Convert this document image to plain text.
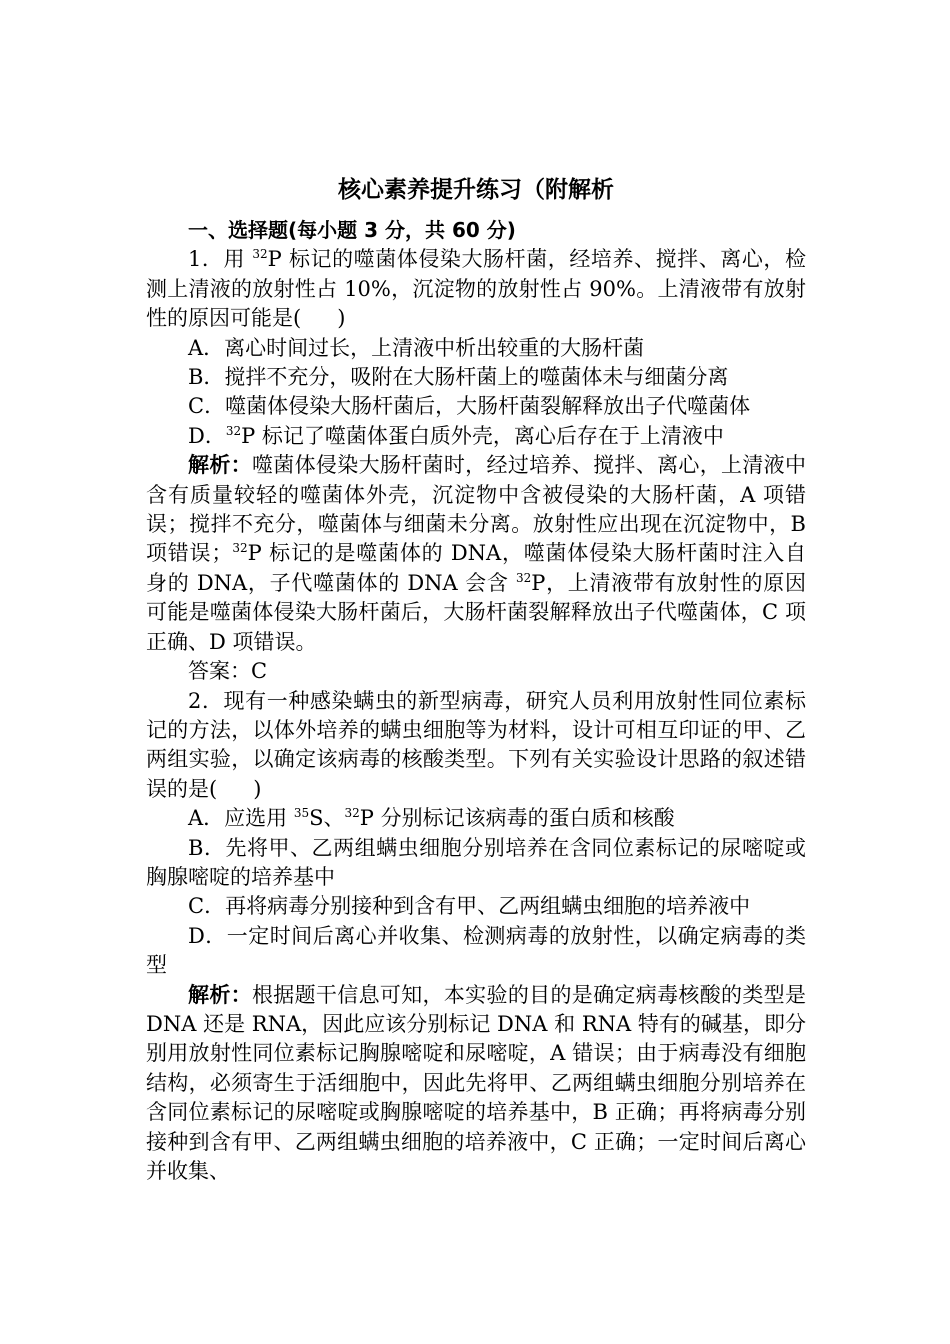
核心素养提升练习（附解析

一、选择题(每小题 3 分，共 60 分)

1．用 $^{32}$P 标记的噬菌体侵染大肠杆菌，经培养、搅拌、离心，检测上清液的放射性占 10%，沉淀物的放射性占 90%。上清液带有放射性的原因可能是( )

A．离心时间过长，上清液中析出较重的大肠杆菌

B．搅拌不充分，吸附在大肠杆菌上的噬菌体未与细菌分离

C．噬菌体侵染大肠杆菌后，大肠杆菌裂解释放出子代噬菌体

D．$^{32}$P 标记了噬菌体蛋白质外壳，离心后存在于上清液中

解析：噬菌体侵染大肠杆菌时，经过培养、搅拌、离心，上清液中含有质量较轻的噬菌体外壳，沉淀物中含被侵染的大肠杆菌，A 项错误；搅拌不充分，噬菌体与细菌未分离。放射性应出现在沉淀物中，B 项错误；$^{32}$P 标记的是噬菌体的 DNA，噬菌体侵染大肠杆菌时注入自身的 DNA，子代噬菌体的 DNA 会含 $^{32}$P，上清液带有放射性的原因可能是噬菌体侵染大肠杆菌后，大肠杆菌裂解释放出子代噬菌体，C 项正确、D 项错误。

答案：C

2．现有一种感染螨虫的新型病毒，研究人员利用放射性同位素标记的方法，以体外培养的螨虫细胞等为材料，设计可相互印证的甲、乙两组实验，以确定该病毒的核酸类型。下列有关实验设计思路的叙述错误的是( )

A．应选用 $^{35}$S、$^{32}$P 分别标记该病毒的蛋白质和核酸

B．先将甲、乙两组螨虫细胞分别培养在含同位素标记的尿嘧啶或胸腺嘧啶的培养基中

C．再将病毒分别接种到含有甲、乙两组螨虫细胞的培养液中

D．一定时间后离心并收集、检测病毒的放射性，以确定病毒的类型

解析：根据题干信息可知，本实验的目的是确定病毒核酸的类型是 DNA 还是 RNA，因此应该分别标记 DNA 和 RNA 特有的碱基，即分别用放射性同位素标记胸腺嘧啶和尿嘧啶，A 错误；由于病毒没有细胞结构，必须寄生于活细胞中，因此先将甲、乙两组螨虫细胞分别培养在含同位素标记的尿嘧啶或胸腺嘧啶的培养基中，B 正确；再将病毒分别接种到含有甲、乙两组螨虫细胞的培养液中，C 正确；一定时间后离心并收集、
